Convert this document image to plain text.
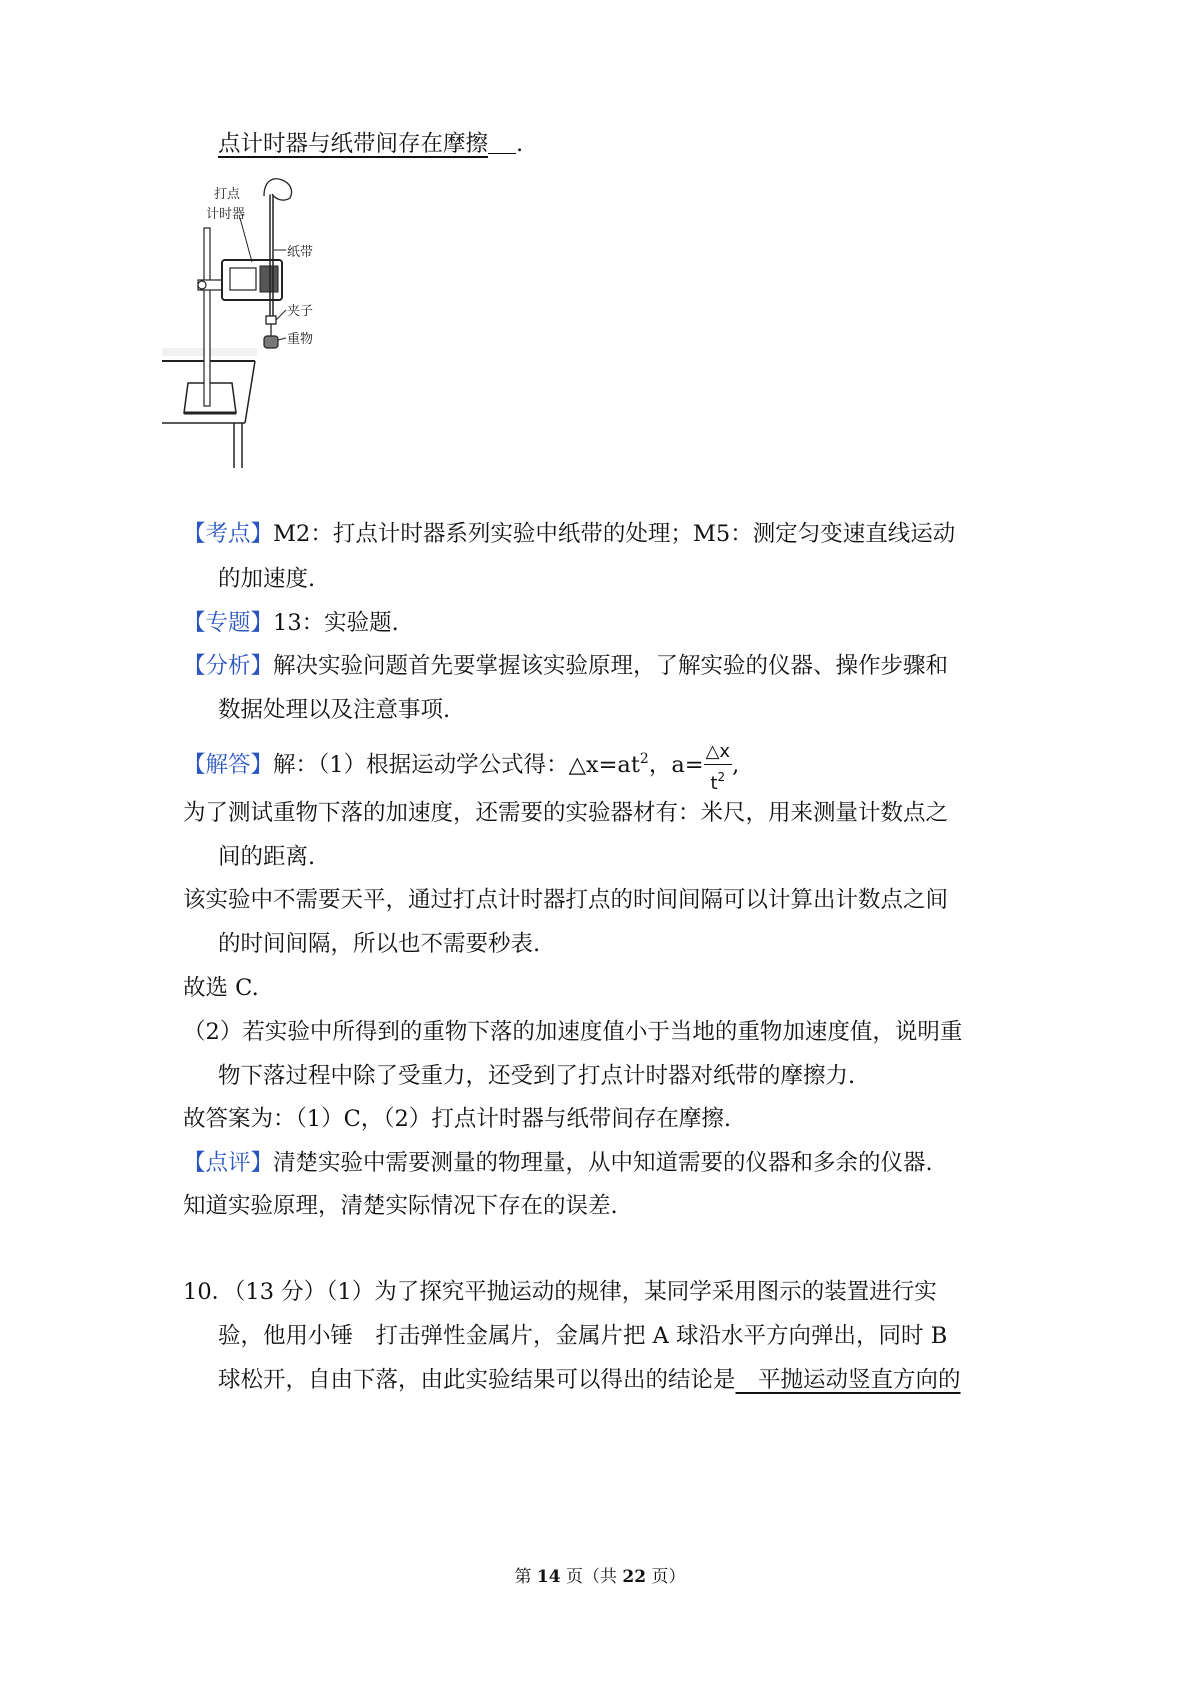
点计时器与纸带间存在摩擦 .
打点
计时器
纸带
夹子
重物
【考点】M2：打点计时器系列实验中纸带的处理；M5：测定匀变速直线运动
的加速度.
【专题】13：实验题.
【分析】解决实验问题首先要掌握该实验原理，了解实验的仪器、操作步骤和
数据处理以及注意事项.
【解答】解：（1）根据运动学公式得：$\triangle x=at^2$，$a= \frac{\triangle x}{t^2}$ ,
为了测试重物下落的加速度，还需要的实验器材有：米尺，用来测量计数点之
间的距离.
该实验中不需要天平，通过打点计时器打点的时间间隔可以计算出计数点之间
的时间间隔，所以也不需要秒表.
故选 C.
（2）若实验中所得到的重物下落的加速度值小于当地的重物加速度值，说明重
物下落过程中除了受重力，还受到了打点计时器对纸带的摩擦力.
故答案为：（1）C，（2）打点计时器与纸带间存在摩擦.
【点评】清楚实验中需要测量的物理量，从中知道需要的仪器和多余的仪器.
知道实验原理，清楚实际情况下存在的误差.
10．（13 分）（1）为了探究平抛运动的规律，某同学采用图示的装置进行实
验，他用小锤　打击弹性金属片，金属片把 A 球沿水平方向弹出，同时 B
球松开，自由下落，由此实验结果可以得出的结论是　平抛运动竖直方向的
第 14 页（共 22 页）
